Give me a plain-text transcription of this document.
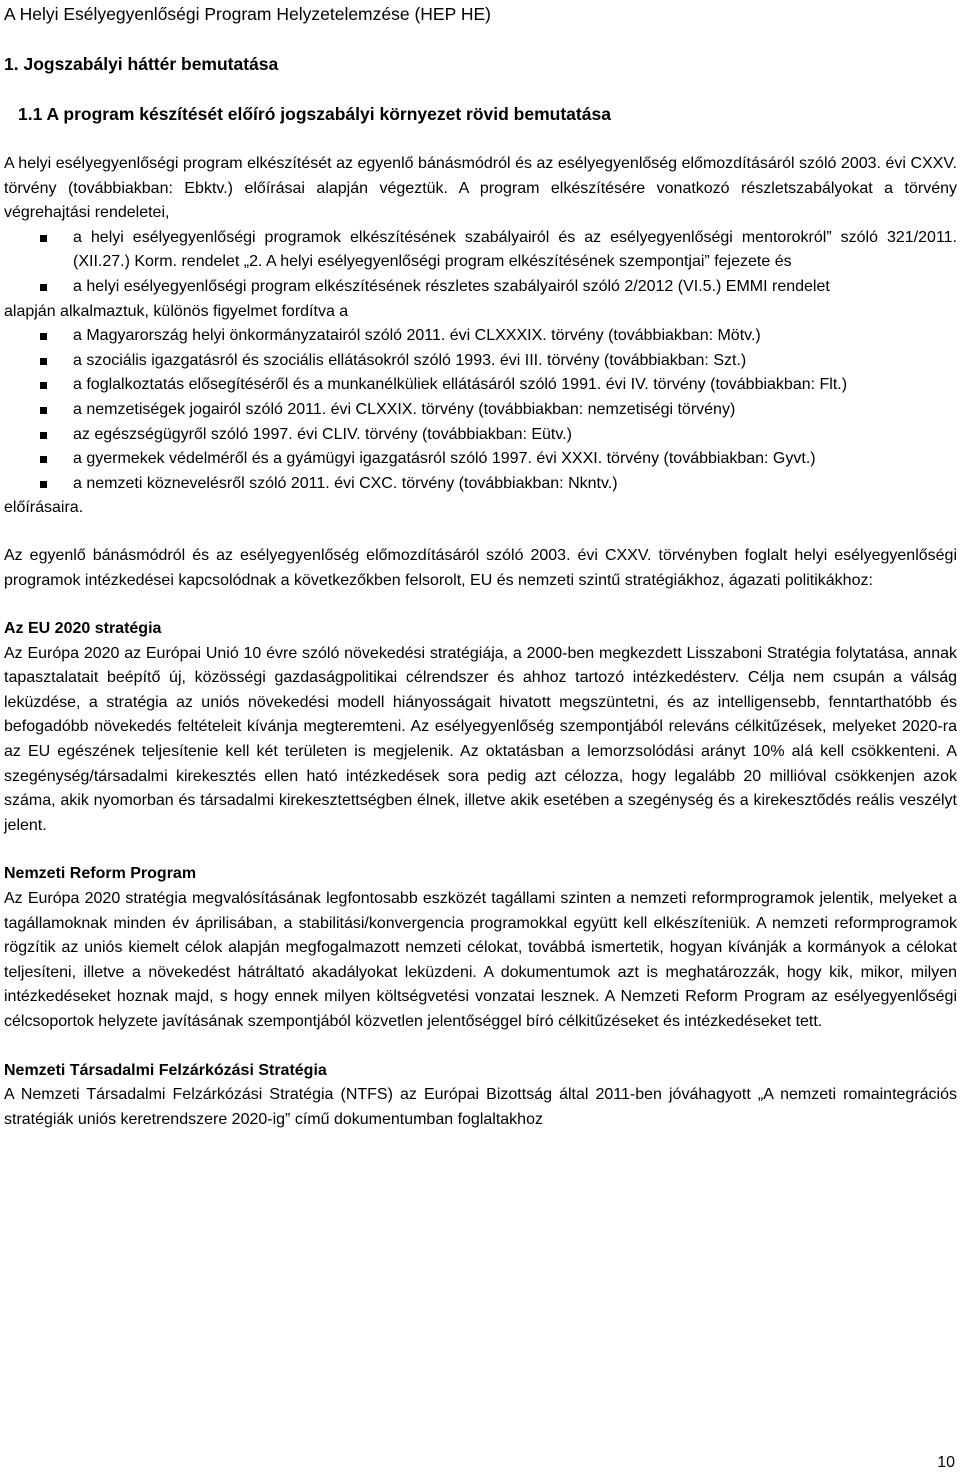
A Helyi Esélyegyenlőségi Program Helyzetelemzése (HEP HE)
1. Jogszabályi háttér bemutatása
1.1 A program készítését előíró jogszabályi környezet rövid bemutatása

A helyi esélyegyenlőségi program elkészítését az egyenlő bánásmódról és az esélyegyenlőség előmozdításáról szóló 2003. évi CXXV. törvény (továbbiakban: Ebktv.) előírásai alapján végeztük. A program elkészítésére vonatkozó részletszabályokat a törvény végrehajtási rendeletei,

a helyi esélyegyenlőségi programok elkészítésének szabályairól és az esélyegyenlőségi mentorokról” szóló 321/2011. (XII.27.) Korm. rendelet „2. A helyi esélyegyenlőségi program elkészítésének szempontjai” fejezete és
a helyi esélyegyenlőségi program elkészítésének részletes szabályairól szóló 2/2012 (VI.5.) EMMI rendelet

alapján alkalmaztuk, különös figyelmet fordítva a

a Magyarország helyi önkormányzatairól szóló 2011. évi CLXXXIX. törvény (továbbiakban: Mötv.)
a szociális igazgatásról és szociális ellátásokról szóló 1993. évi III. törvény (továbbiakban: Szt.)
a foglalkoztatás elősegítéséről és a munkanélküliek ellátásáról szóló 1991. évi IV. törvény (továbbiakban: Flt.)
a nemzetiségek jogairól szóló 2011. évi CLXXIX. törvény (továbbiakban: nemzetiségi törvény)
az egészségügyről szóló 1997. évi CLIV. törvény (továbbiakban: Eütv.)
a gyermekek védelméről és a gyámügyi igazgatásról szóló 1997. évi XXXI. törvény (továbbiakban: Gyvt.)
a nemzeti köznevelésről szóló 2011. évi CXC. törvény (továbbiakban: Nkntv.)

előírásaira.

Az egyenlő bánásmódról és az esélyegyenlőség előmozdításáról szóló 2003. évi CXXV. törvényben foglalt helyi esélyegyenlőségi programok intézkedései kapcsolódnak a következőkben felsorolt, EU és nemzeti szintű stratégiákhoz, ágazati politikákhoz:

Az EU 2020 stratégia

Az Európa 2020 az Európai Unió 10 évre szóló növekedési stratégiája, a 2000-ben megkezdett Lisszaboni Stratégia folytatása, annak tapasztalatait beépítő új, közösségi gazdaságpolitikai célrendszer és ahhoz tartozó intézkedésterv. Célja nem csupán a válság leküzdése, a stratégia az uniós növekedési modell hiányosságait hivatott megszüntetni, és az intelligensebb, fenntarthatóbb és befogadóbb növekedés feltételeit kívánja megteremteni. Az esélyegyenlőség szempontjából releváns célkitűzések, melyeket 2020-ra az EU egészének teljesítenie kell két területen is megjelenik. Az oktatásban a lemorzsolódási arányt 10% alá kell csökkenteni. A szegénység/társadalmi kirekesztés ellen ható intézkedések sora pedig azt célozza, hogy legalább 20 millióval csökkenjen azok száma, akik nyomorban és társadalmi kirekesztettségben élnek, illetve akik esetében a szegénység és a kirekesztődés reális veszélyt jelent.

Nemzeti Reform Program

Az Európa 2020 stratégia megvalósításának legfontosabb eszközét tagállami szinten a nemzeti reformprogramok jelentik, melyeket a tagállamoknak minden év áprilisában, a stabilitási/konvergencia programokkal együtt kell elkészíteniük. A nemzeti reformprogramok rögzítik az uniós kiemelt célok alapján megfogalmazott nemzeti célokat, továbbá ismertetik, hogyan kívánják a kormányok a célokat teljesíteni, illetve a növekedést hátráltató akadályokat leküzdeni. A dokumentumok azt is meghatározzák, hogy kik, mikor, milyen intézkedéseket hoznak majd, s hogy ennek milyen költségvetési vonzatai lesznek. A Nemzeti Reform Program az esélyegyenlőségi célcsoportok helyzete javításának szempontjából közvetlen jelentőséggel bíró célkitűzéseket és intézkedéseket tett.

Nemzeti Társadalmi Felzárkózási Stratégia

A Nemzeti Társadalmi Felzárkózási Stratégia (NTFS) az Európai Bizottság által 2011-ben jóváhagyott „A nemzeti romaintegrációs stratégiák uniós keretrendszere 2020-ig” című dokumentumban foglaltakhoz

10
